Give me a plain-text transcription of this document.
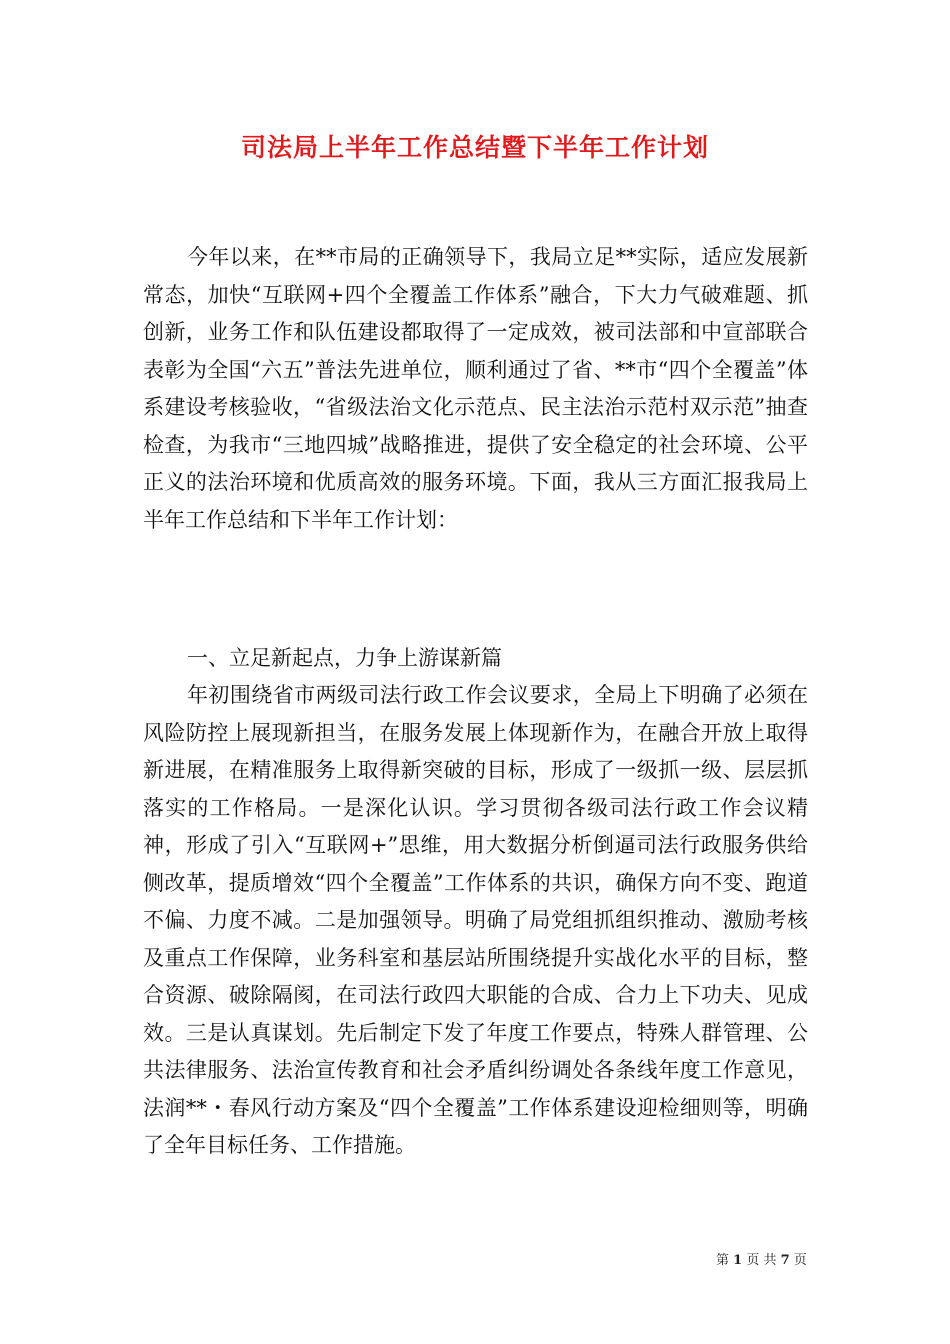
司法局上半年工作总结暨下半年工作计划

今年以来，在**市局的正确领导下，我局立足**实际，适应发展新常态，加快“互联网+四个全覆盖工作体系”融合，下大力气破难题、抓创新，业务工作和队伍建设都取得了一定成效，被司法部和中宣部联合表彰为全国“六五”普法先进单位，顺利通过了省、**市“四个全覆盖”体系建设考核验收，“省级法治文化示范点、民主法治示范村双示范”抽查检查，为我市“三地四城”战略推进，提供了安全稳定的社会环境、公平正义的法治环境和优质高效的服务环境。下面，我从三方面汇报我局上半年工作总结和下半年工作计划：

一、立足新起点，力争上游谋新篇

年初围绕省市两级司法行政工作会议要求，全局上下明确了必须在风险防控上展现新担当，在服务发展上体现新作为，在融合开放上取得新进展，在精准服务上取得新突破的目标，形成了一级抓一级、层层抓落实的工作格局。一是深化认识。学习贯彻各级司法行政工作会议精神，形成了引入“互联网+”思维，用大数据分析倒逼司法行政服务供给侧改革，提质增效“四个全覆盖”工作体系的共识，确保方向不变、跑道不偏、力度不减。二是加强领导。明确了局党组抓组织推动、激励考核及重点工作保障，业务科室和基层站所围绕提升实战化水平的目标，整合资源、破除隔阂，在司法行政四大职能的合成、合力上下功夫、见成效。三是认真谋划。先后制定下发了年度工作要点，特殊人群管理、公共法律服务、法治宣传教育和社会矛盾纠纷调处各条线年度工作意见，法润**・春风行动方案及“四个全覆盖”工作体系建设迎检细则等，明确了全年目标任务、工作措施。

第 1 页 共 7 页
